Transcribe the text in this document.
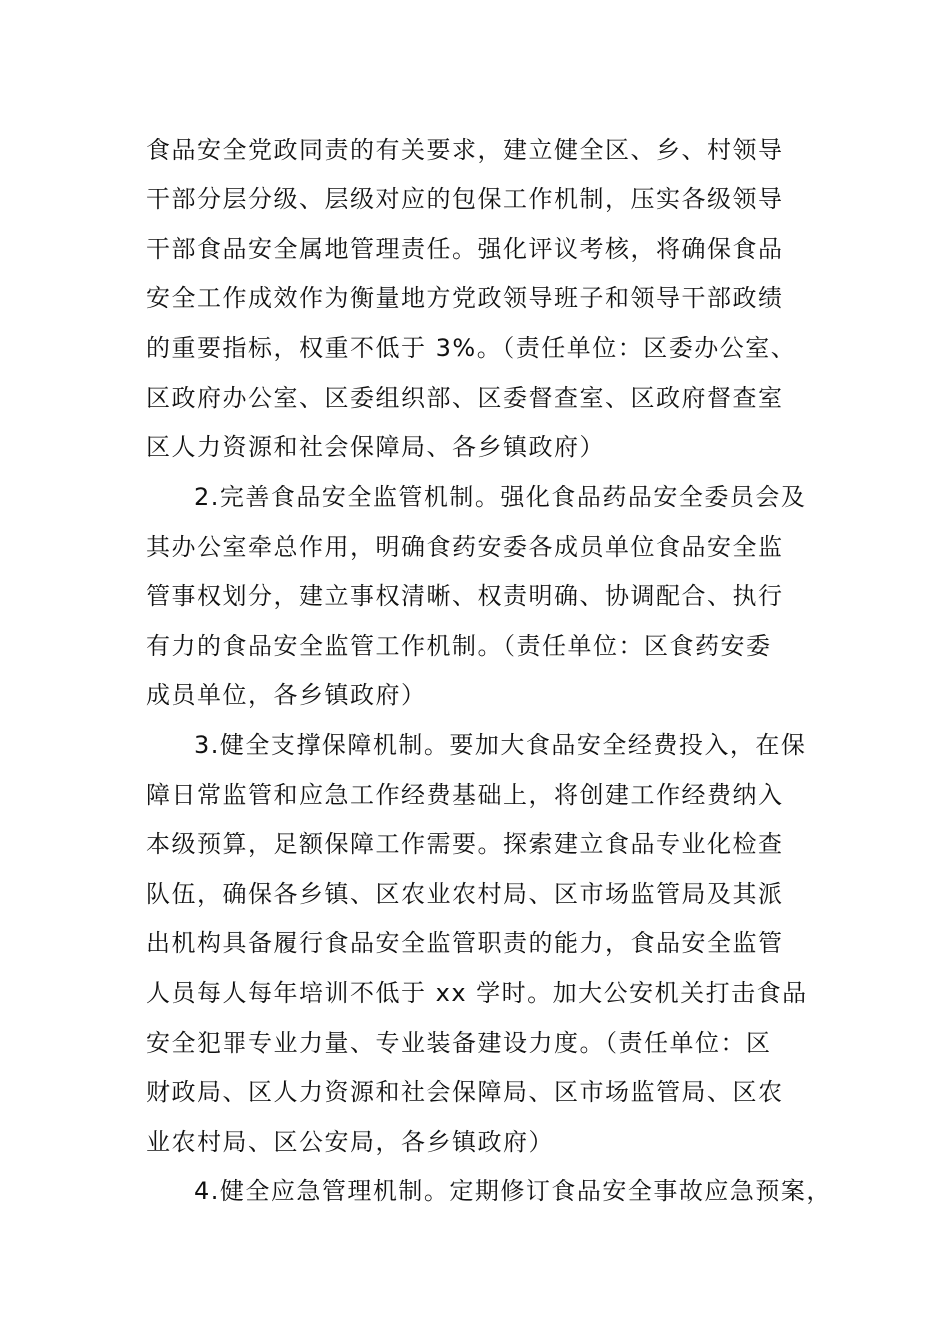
食品安全党政同责的有关要求，建立健全区、乡、村领导
干部分层分级、层级对应的包保工作机制，压实各级领导
干部食品安全属地管理责任。强化评议考核，将确保食品
安全工作成效作为衡量地方党政领导班子和领导干部政绩
的重要指标，权重不低于 3%。（责任单位：区委办公室、
区政府办公室、区委组织部、区委督查室、区政府督查室
区人力资源和社会保障局、各乡镇政府）
2.完善食品安全监管机制。强化食品药品安全委员会及
其办公室牵总作用，明确食药安委各成员单位食品安全监
管事权划分，建立事权清晰、权责明确、协调配合、执行
有力的食品安全监管工作机制。（责任单位：区食药安委
成员单位，各乡镇政府）
3.健全支撑保障机制。要加大食品安全经费投入，在保
障日常监管和应急工作经费基础上，将创建工作经费纳入
本级预算，足额保障工作需要。探索建立食品专业化检查
队伍，确保各乡镇、区农业农村局、区市场监管局及其派
出机构具备履行食品安全监管职责的能力，食品安全监管
人员每人每年培训不低于 xx 学时。加大公安机关打击食品
安全犯罪专业力量、专业装备建设力度。（责任单位：区
财政局、区人力资源和社会保障局、区市场监管局、区农
业农村局、区公安局，各乡镇政府）
4.健全应急管理机制。定期修订食品安全事故应急预案，
